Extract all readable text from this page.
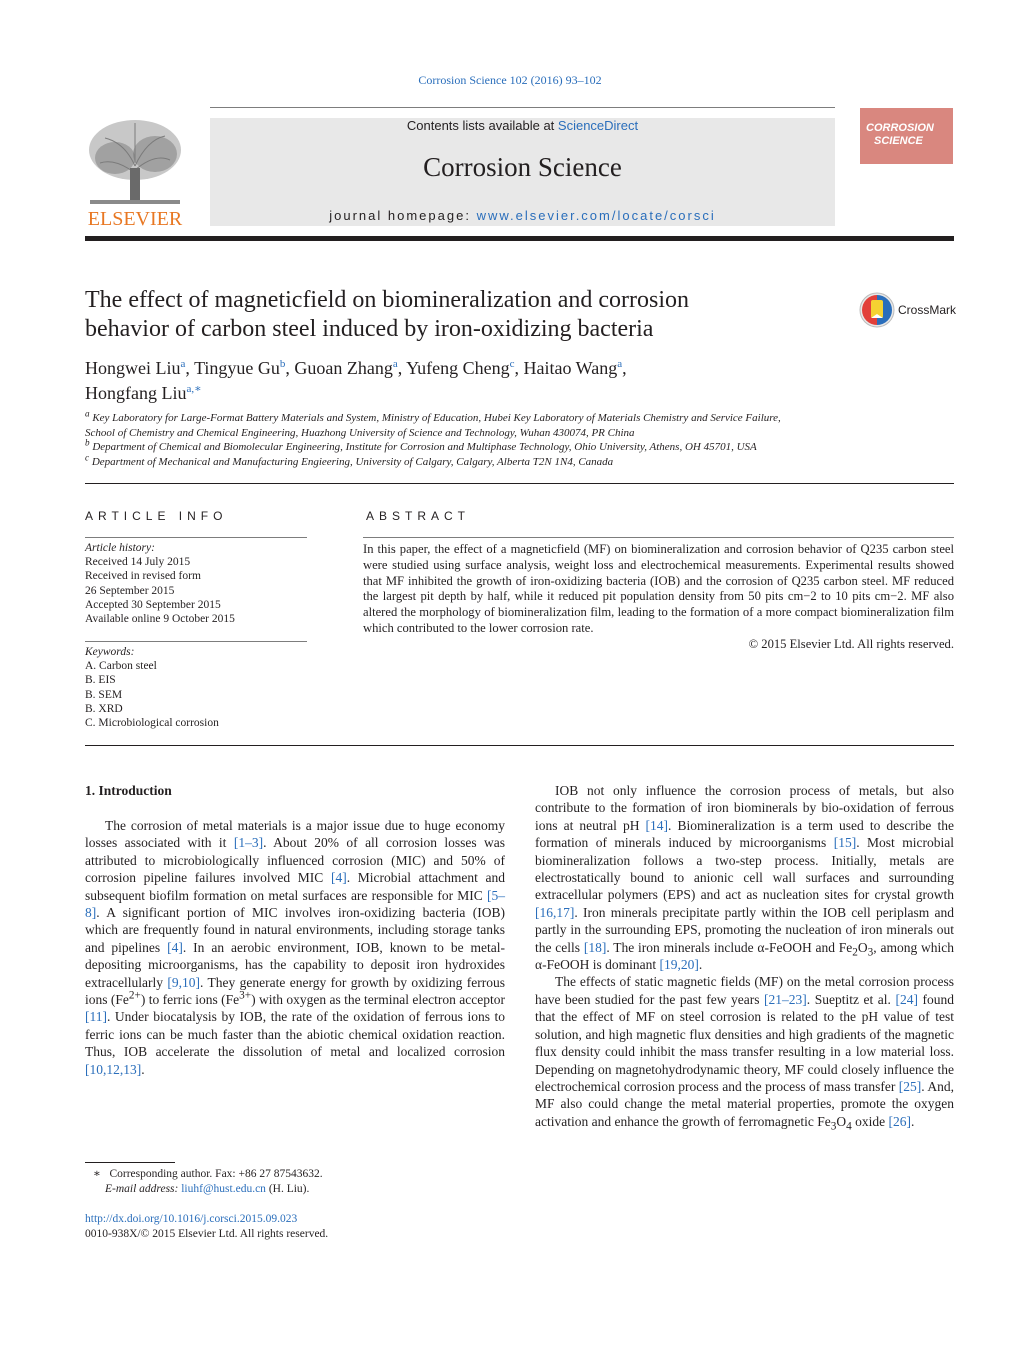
Corrosion Science 102 (2016) 93–102
ELSEVIER
Contents lists available at ScienceDirect
Corrosion Science
journal homepage: www.elsevier.com/locate/corsci
CORROSION
SCIENCE
The effect of magneticfield on biomineralization and corrosion
behavior of carbon steel induced by iron-oxidizing bacteria
CrossMark
Hongwei Liu$^a$, Tingyue Gu$^b$, Guoan Zhang$^a$, Yufeng Cheng$^c$, Haitao Wang$^a$,
Hongfang Liu$^{a,∗}$
$^a$ Key Laboratory for Large-Format Battery Materials and System, Ministry of Education, Hubei Key Laboratory of Materials Chemistry and Service Failure,
School of Chemistry and Chemical Engineering, Huazhong University of Science and Technology, Wuhan 430074, PR China
$^b$ Department of Chemical and Biomolecular Engineering, Institute for Corrosion and Multiphase Technology, Ohio University, Athens, OH 45701, USA
$^c$ Department of Mechanical and Manufacturing Engieering, University of Calgary, Calgary, Alberta T2N 1N4, Canada
ARTICLE INFO
Article history:
Received 14 July 2015
Received in revised form
26 September 2015
Accepted 30 September 2015
Available online 9 October 2015
Keywords:
A. Carbon steel
B. EIS
B. SEM
B. XRD
C. Microbiological corrosion
ABSTRACT
In this paper, the effect of a magneticfield (MF) on biomineralization and corrosion behavior of Q235 carbon steel were studied using surface analysis, weight loss and electrochemical measurements. Experimental results showed that MF inhibited the growth of iron-oxidizing bacteria (IOB) and the corrosion of Q235 carbon steel. MF reduced the largest pit depth by half, while it reduced pit population density from 50 pits cm−2 to 10 pits cm−2. MF also altered the morphology of biomineralization film, leading to the formation of a more compact biomineralization film which contributed to the lower corrosion rate.
© 2015 Elsevier Ltd. All rights reserved.
1. Introduction

The corrosion of metal materials is a major issue due to huge economy losses associated with it [1–3]. About 20% of all corrosion losses was attributed to microbiologically influenced corrosion (MIC) and 50% of corrosion pipeline failures involved MIC [4]. Microbial attachment and subsequent biofilm formation on metal surfaces are responsible for MIC [5–8]. A significant portion of MIC involves iron-oxidizing bacteria (IOB) which are frequently found in natural environments, including storage tanks and pipelines [4]. In an aerobic environment, IOB, known to be metal-depositing microorganisms, has the capability to deposit iron hydroxides extracellularly [9,10]. They generate energy for growth by oxidizing ferrous ions $(Fe^{2+})$ to ferric ions $(Fe^{3+})$ with oxygen as the terminal electron acceptor [11]. Under biocatalysis by IOB, the rate of the oxidation of ferrous ions to ferric ions can be much faster than the abiotic chemical oxidation reaction. Thus, IOB accelerate the dissolution of metal and localized corrosion [10,12,13].

IOB not only influence the corrosion process of metals, but also contribute to the formation of iron biominerals by bio-oxidation of ferrous ions at neutral pH [14]. Biomineralization is a term used to describe the formation of minerals induced by microorganisms [15]. Most microbial biomineralization follows a two-step process. Initially, metals are electrostatically bound to anionic cell wall surfaces and surrounding extracellular polymers (EPS) and act as nucleation sites for crystal growth [16,17]. Iron minerals precipitate partly within the IOB cell periplasm and partly in the surrounding EPS, promoting the nucleation of iron minerals out the cells [18]. The iron minerals include α-FeOOH and $Fe_2O_3$, among which α-FeOOH is dominant [19,20].

The effects of static magnetic fields (MF) on the metal corrosion process have been studied for the past few years [21–23]. Sueptitz et al. [24] found that the effect of MF on steel corrosion is related to the pH value of test solution, and high magnetic flux densities and high gradients of the magnetic flux density could inhibit the mass transfer resulting in a low material loss. Depending on magnetohydrodynamic theory, MF could closely influence the electrochemical corrosion process and the process of mass transfer [25]. And, MF also could change the metal material properties, promote the oxygen activation and enhance the growth of ferromagnetic $Fe_3O_4$ oxide [26].

∗ Corresponding author. Fax: +86 27 87543632.
E-mail address: liuhf@hust.edu.cn (H. Liu).
http://dx.doi.org/10.1016/j.corsci.2015.09.023
0010-938X/© 2015 Elsevier Ltd. All rights reserved.
